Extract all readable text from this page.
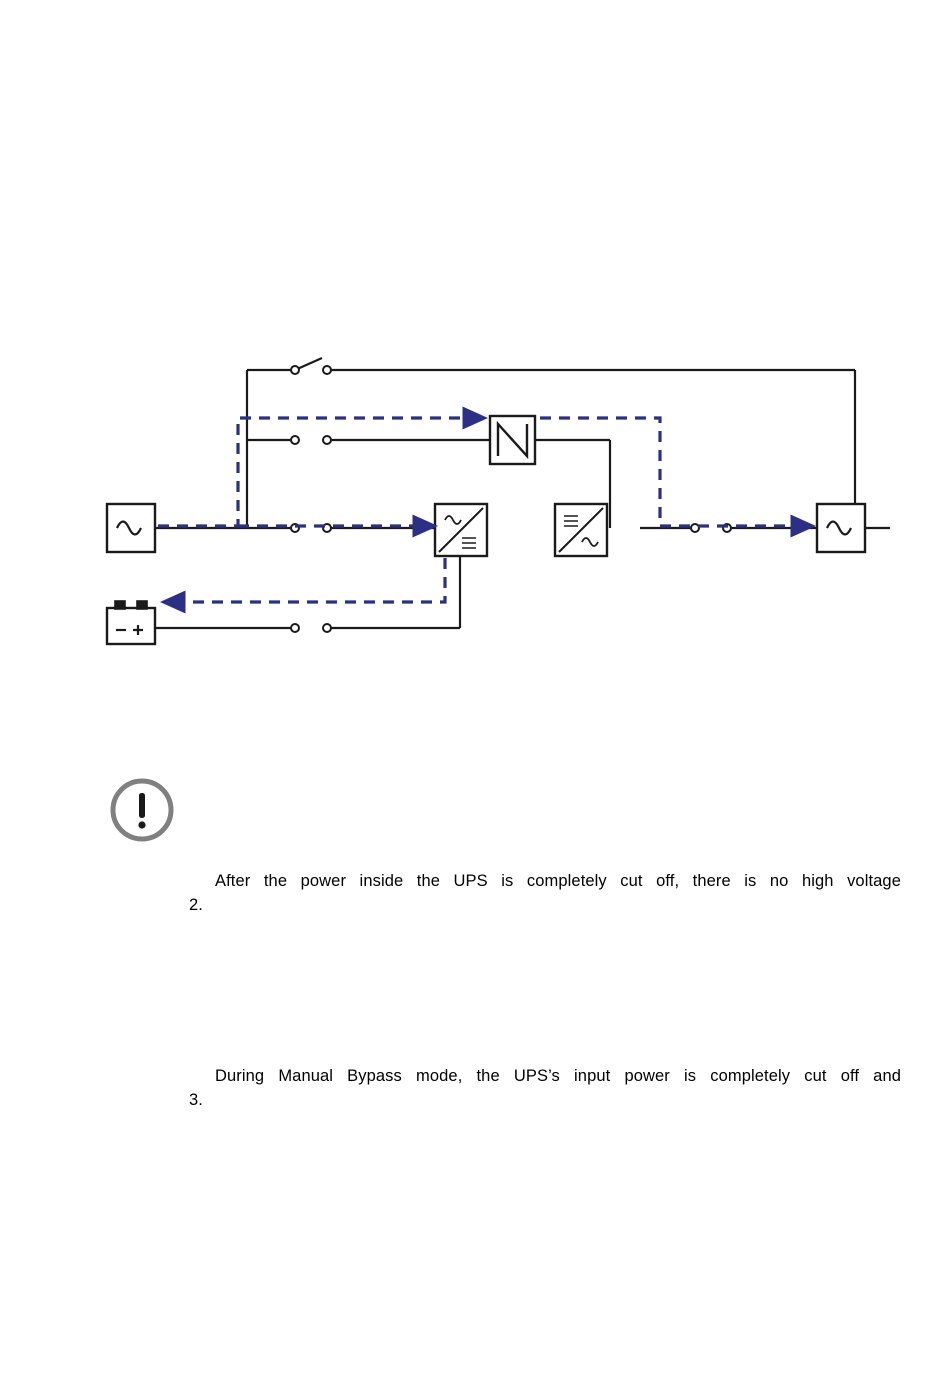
2.
After the power inside the UPS is completely cut off, there is no high voltage
3.
During Manual Bypass mode, the UPS’s input power is completely cut off and
